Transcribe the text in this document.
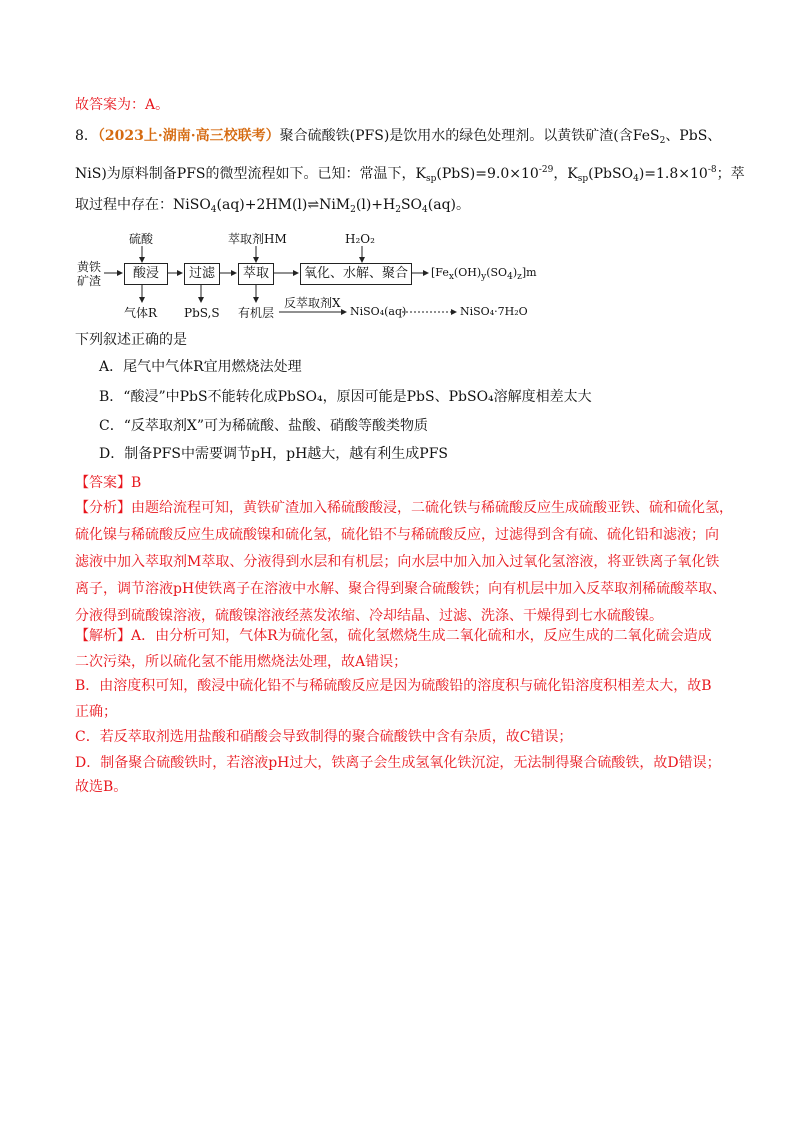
故答案为：A。
8．（2023上·湖南·高三校联考）聚合硫酸铁(PFS)是饮用水的绿色处理剂。以黄铁矿渣(含FeS$_2$、PbS、
NiS)为原料制备PFS的微型流程如下。已知：常温下，$K_{sp}(PbS)=9.0\times 10^{-29}$，$K_{sp}(PbSO_4)=1.8\times 10^{-8}$；萃
取过程中存在：$NiSO_4(aq)+2HM(l)\rightleftharpoons NiM_2(l)+H_2SO_4(aq)$。
黄铁
矿渣
硫酸
酸浸	过滤
萃取剂HM
萃取
H₂O₂
氧化、水解、聚合	$[Fe_x(OH)_y(SO_4)_z]m$
气体R PbS,S 有机层
反萃取剂X
NiSO₄(aq)	NiSO₄·7H₂O
下列叙述正确的是
A．尾气中气体R宜用燃烧法处理
B．“酸浸”中PbS不能转化成PbSO₄，原因可能是PbS、PbSO₄溶解度相差太大
C．“反萃取剂X”可为稀硫酸、盐酸、硝酸等酸类物质
D．制备PFS中需要调节pH，pH越大，越有利生成PFS
【答案】B
【分析】由题给流程可知，黄铁矿渣加入稀硫酸酸浸，二硫化铁与稀硫酸反应生成硫酸亚铁、硫和硫化氢，
硫化镍与稀硫酸反应生成硫酸镍和硫化氢，硫化铅不与稀硫酸反应，过滤得到含有硫、硫化铅和滤液；向
滤液中加入萃取剂M萃取、分液得到水层和有机层；向水层中加入加入过氧化氢溶液，将亚铁离子氧化铁
离子，调节溶液pH使铁离子在溶液中水解、聚合得到聚合硫酸铁；向有机层中加入反萃取剂稀硫酸萃取、
分液得到硫酸镍溶液，硫酸镍溶液经蒸发浓缩、冷却结晶、过滤、洗涤、干燥得到七水硫酸镍。
【解析】A．由分析可知，气体R为硫化氢，硫化氢燃烧生成二氧化硫和水，反应生成的二氧化硫会造成
二次污染，所以硫化氢不能用燃烧法处理，故A错误；
B．由溶度积可知，酸浸中硫化铅不与稀硫酸反应是因为硫酸铅的溶度积与硫化铅溶度积相差太大，故B
正确；
C．若反萃取剂选用盐酸和硝酸会导致制得的聚合硫酸铁中含有杂质，故C错误；
D．制备聚合硫酸铁时，若溶液pH过大，铁离子会生成氢氧化铁沉淀，无法制得聚合硫酸铁，故D错误；
故选B。
